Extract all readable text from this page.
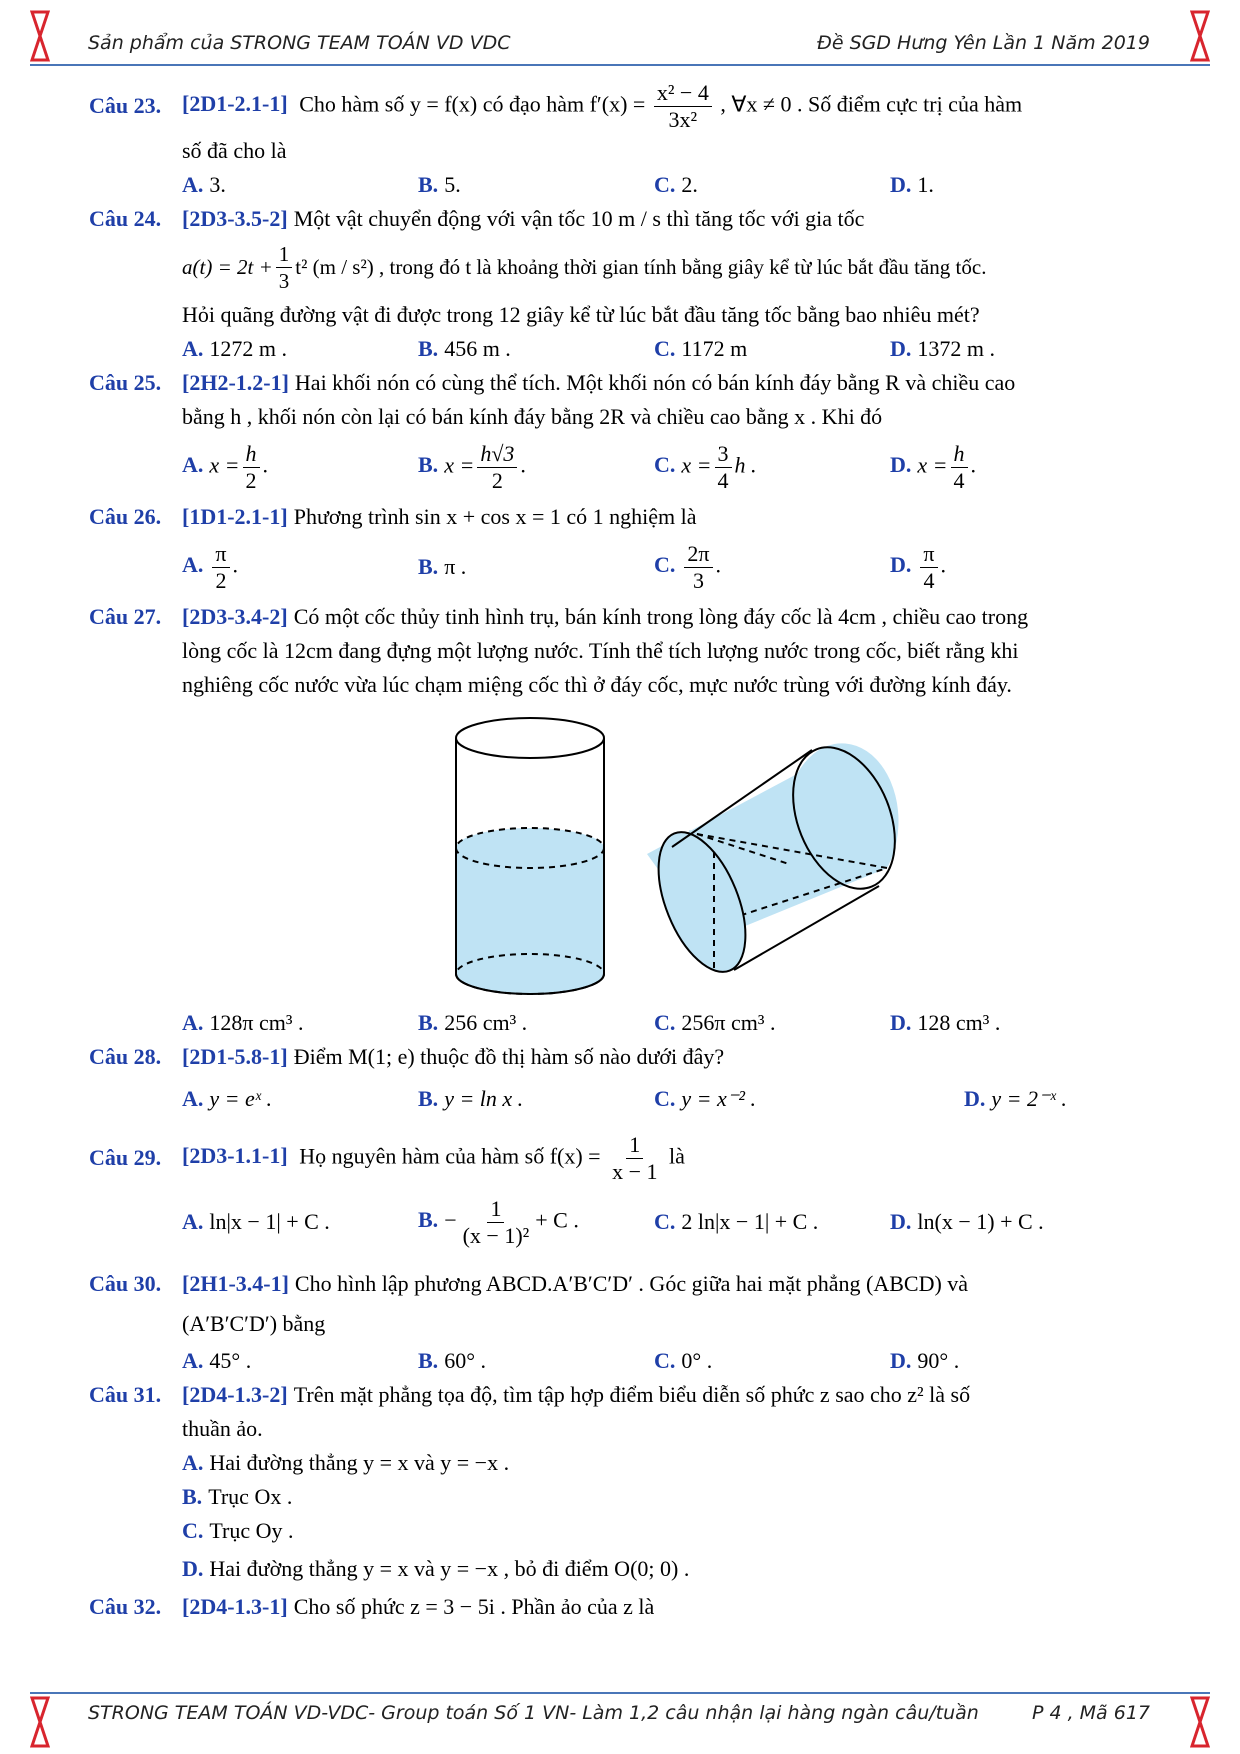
Sản phẩm của STRONG TEAM TOÁN VD VDC	Đề SGD Hưng Yên Lần 1 Năm 2019
Câu 23. [2D1-2.1-1] Cho hàm số y = f(x) có đạo hàm $f'(x) = \frac{\text{x² − 4}}{\text{3x²}}$ , ∀x ≠ 0 . Số điểm cực trị của hàm
số đã cho là
A. 3.	B. 5.	C. 2.	D. 1.
Câu 24. [2D3-3.5-2] Một vật chuyển động với vận tốc 10 m / s thì tăng tốc với gia tốc
$a(t) = 2t + \frac{1}{3} t^2$ (m / s²) , trong đó t là khoảng thời gian tính bằng giây kể từ lúc bắt đầu tăng tốc.
Hỏi quãng đường vật đi được trong 12 giây kể từ lúc bắt đầu tăng tốc bằng bao nhiêu mét?
A. 1272 m .	B. 456 m .	C. 1172 m	D. 1372 m .
Câu 25. [2H2-1.2-1] Hai khối nón có cùng thể tích. Một khối nón có bán kính đáy bằng R và chiều cao
bằng h , khối nón còn lại có bán kính đáy bằng 2R và chiều cao bằng x . Khi đó
A. $x = \frac{h}{2}$ .	B. $x = \frac{h√3}{2}$ .	C. $x = \frac{3}{4}$ h .	D. $x = \frac{h}{4}$ .
Câu 26. [1D1-2.1-1] Phương trình sin x + cos x = 1 có 1 nghiệm là
A. $\frac{\pi}{2}$ .	B. π .	C. $\frac{2\pi}{3}$ .	D. $\frac{\pi}{4}$ .
Câu 27. [2D3-3.4-2] Có một cốc thủy tinh hình trụ, bán kính trong lòng đáy cốc là 4cm , chiều cao trong
lòng cốc là 12cm đang đựng một lượng nước. Tính thể tích lượng nước trong cốc, biết rằng khi
nghiêng cốc nước vừa lúc chạm miệng cốc thì ở đáy cốc, mực nước trùng với đường kính đáy.
A. 128π cm³ .	B. 256 cm³ .	C. 256π cm³ .	D. 128 cm³ .
Câu 28. [2D1-5.8-1] Điểm M(1; e) thuộc đồ thị hàm số nào dưới đây?
A. y = eˣ .	B. y = ln x .	C. y = x⁻² .	D. y = 2⁻ˣ .
Câu 29. [2D3-1.1-1] Họ nguyên hàm của hàm số $f(x) = \frac{1}{x - 1}$ là
A. ln|x − 1| + C .	B. − $\frac{1}{\text{(x − 1)²}} + C$ .	C. 2 ln|x − 1| + C .	D. ln(x − 1) + C .
Câu 30. [2H1-3.4-1] Cho hình lập phương ABCD.A′B′C′D′ . Góc giữa hai mặt phẳng (ABCD) và
(A′B′C′D′) bằng
A. 45° .	B. 60° .	C. 0° .	D. 90° .
Câu 31. [2D4-1.3-2] Trên mặt phẳng tọa độ, tìm tập hợp điểm biểu diễn số phức z sao cho z² là số
thuần ảo.
A. Hai đường thẳng y = x và y = −x .
B. Trục Ox .
C. Trục Oy .
D. Hai đường thẳng y = x và y = −x , bỏ đi điểm O(0; 0) .
Câu 32. [2D4-1.3-1] Cho số phức z = 3 − 5i . Phần ảo của z là
STRONG TEAM TOÁN VD-VDC- Group toán Số 1 VN- Làm 1,2 câu nhận lại hàng ngàn câu/tuần	P 4 , Mã 617
